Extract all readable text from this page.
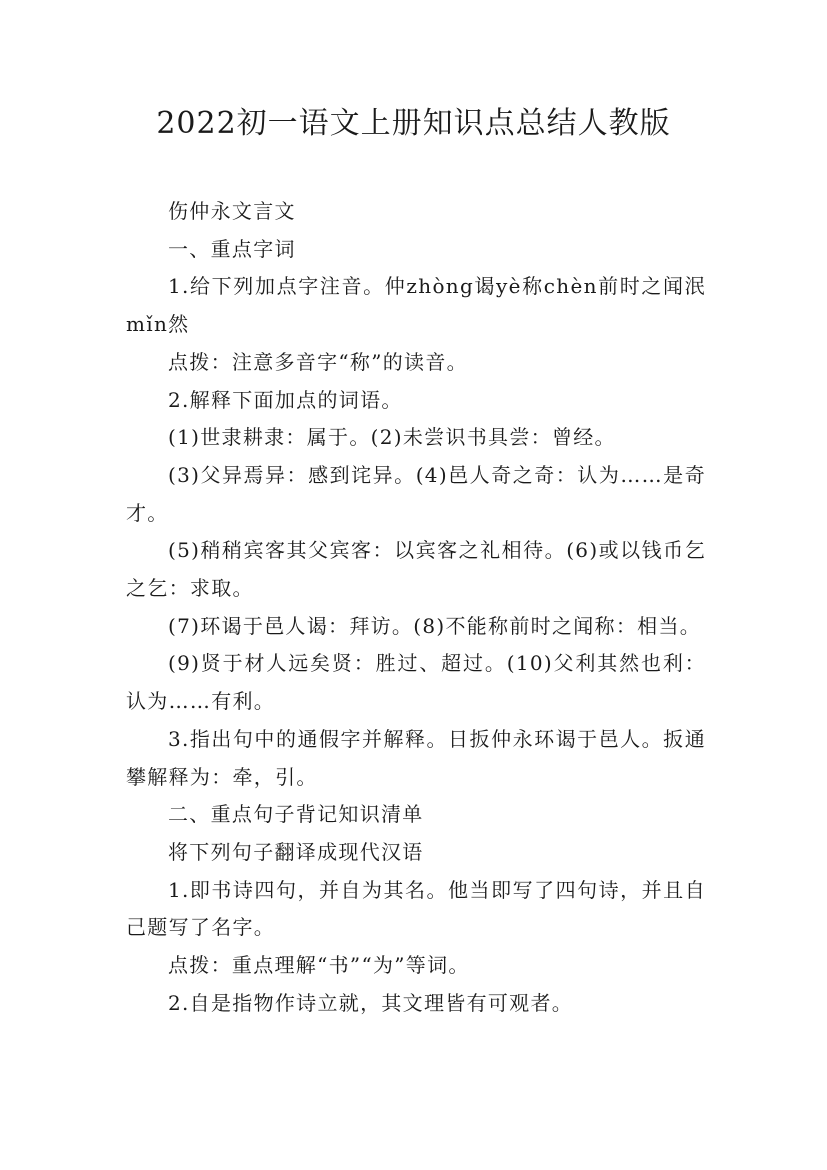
2022初一语文上册知识点总结人教版

伤仲永文言文

一、重点字词

1.给下列加点字注音。仲zhòng谒yè称chèn前时之闻泯mǐn然

点拨：注意多音字“称”的读音。

2.解释下面加点的词语。

(1)世隶耕隶：属于。(2)未尝识书具尝：曾经。

(3)父异焉异：感到诧异。(4)邑人奇之奇：认为……是奇才。

(5)稍稍宾客其父宾客：以宾客之礼相待。(6)或以钱币乞之乞：求取。

(7)环谒于邑人谒：拜访。(8)不能称前时之闻称：相当。

(9)贤于材人远矣贤：胜过、超过。(10)父利其然也利：认为……有利。

3.指出句中的通假字并解释。日扳仲永环谒于邑人。扳通攀解释为：牵，引。

二、重点句子背记知识清单

将下列句子翻译成现代汉语

1.即书诗四句，并自为其名。他当即写了四句诗，并且自己题写了名字。

点拨：重点理解“书”“为”等词。

2.自是指物作诗立就，其文理皆有可观者。
